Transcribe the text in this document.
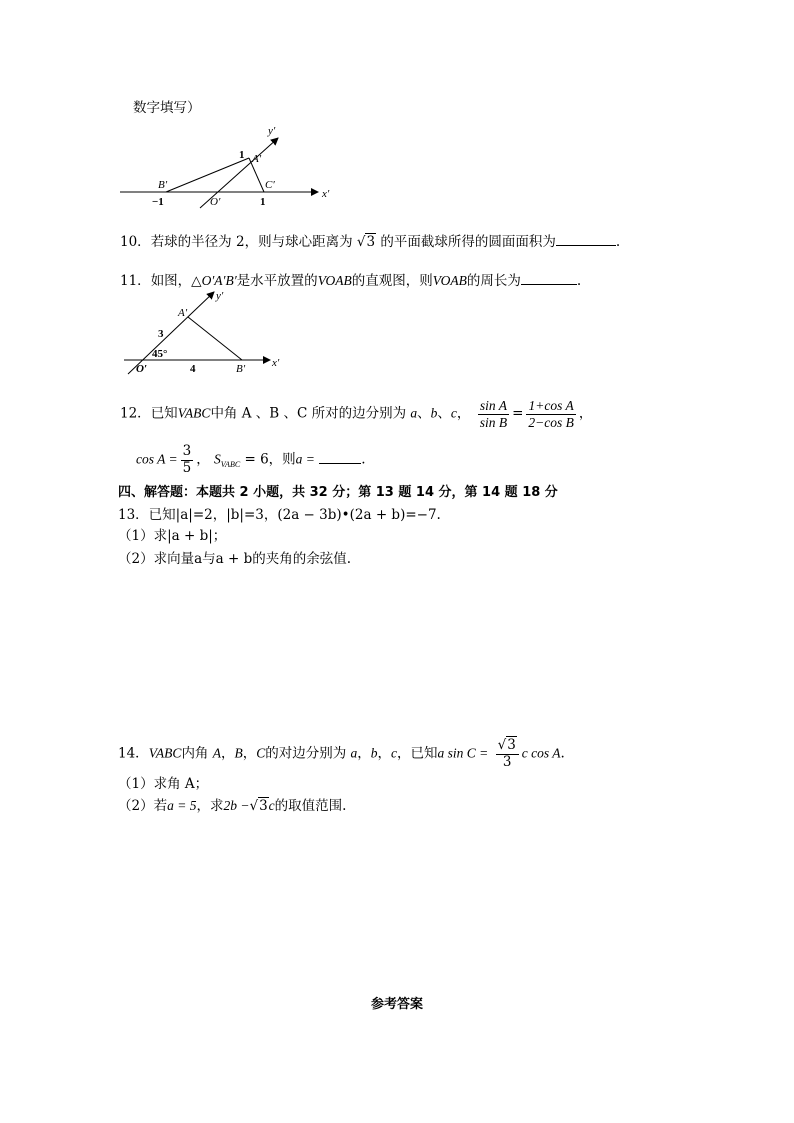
数字填写）
y′
x′
A′
1
B′	C′
−1	O′	1
10．若球的半径为 2，则与球心距离为 √3 的平面截球所得的圆面面积为	.
11．如图，△O′A′B′是水平放置的VOAB的直观图，则VOAB的周长为	.
y′
x′
A′
3
45°
O′	4	B′
12．已知VABC中角 A 、B 、C 所对的边分别为 a、b、c， $\frac{\text{sin A}}{\text{sin B}} = \frac{\text{1+cos A}}{\text{2−cos B}}$ ，
$\cos A = \frac{3}{5}$ ， $S_{VABC} = 6$，则a =	.
四、解答题：本题共 2 小题，共 32 分；第 13 题 14 分，第 14 题 18 分
13．已知|a|=2，|b|=3，(2a − 3b)•(2a + b)=−7.
（1）求|a + b|；
（2）求向量a与a + b的夹角的余弦值.
14．VABC内角 A，B，C的对边分别为 a，b，c，已知a $\sin C = \frac{√3}{3}$ c cos A.
（1）求角 A；
（2）若a = 5，求2b −√3c的取值范围.
参考答案
